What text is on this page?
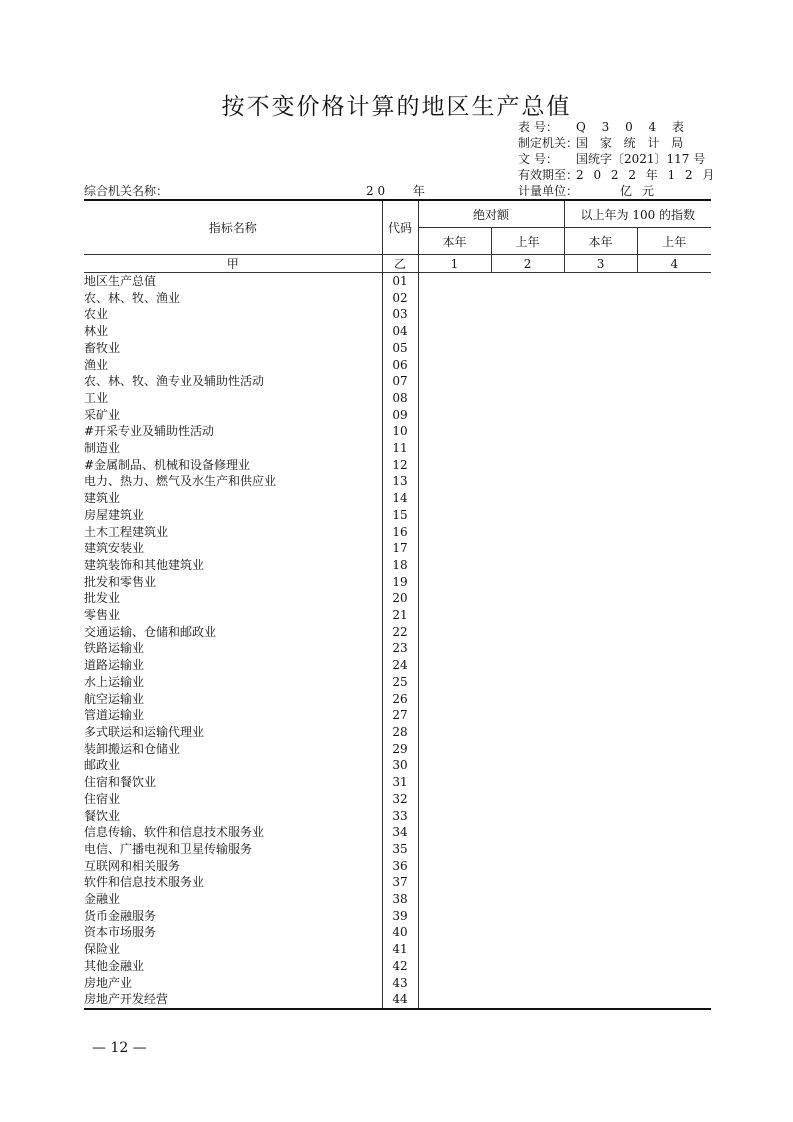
按不变价格计算的地区生产总值
表 号： Q 3 0 4 表
制定机关：国 家 统 计 局
文 号： 国统字〔2021〕117 号
有效期至：2 0 2 2 年 1 2 月
综合机关名称：	2 0 　　年	计量单位：	亿元
指标名称	代码	绝对额		以上年为 100 的指数	
		本年	上年	本年	上年
甲	乙	1	2	3	4
地区生产总值	01				
农、林、牧、渔业	02				
农业	03				
林业	04				
畜牧业	05				
渔业	06				
农、林、牧、渔专业及辅助性活动	07				
工业	08				
采矿业	09				
#开采专业及辅助性活动	10				
制造业	11				
#金属制品、机械和设备修理业	12				
电力、热力、燃气及水生产和供应业	13				
建筑业	14				
房屋建筑业	15				
土木工程建筑业	16				
建筑安装业	17				
建筑装饰和其他建筑业	18				
批发和零售业	19				
批发业	20				
零售业	21				
交通运输、仓储和邮政业	22				
铁路运输业	23				
道路运输业	24				
水上运输业	25				
航空运输业	26				
管道运输业	27				
多式联运和运输代理业	28				
装卸搬运和仓储业	29				
邮政业	30				
住宿和餐饮业	31				
住宿业	32				
餐饮业	33				
信息传输、软件和信息技术服务业	34				
电信、广播电视和卫星传输服务	35				
互联网和相关服务	36				
软件和信息技术服务业	37				
金融业	38				
货币金融服务	39				
资本市场服务	40				
保险业	41				
其他金融业	42				
房地产业	43				
房地产开发经营	44				
— 12 —
